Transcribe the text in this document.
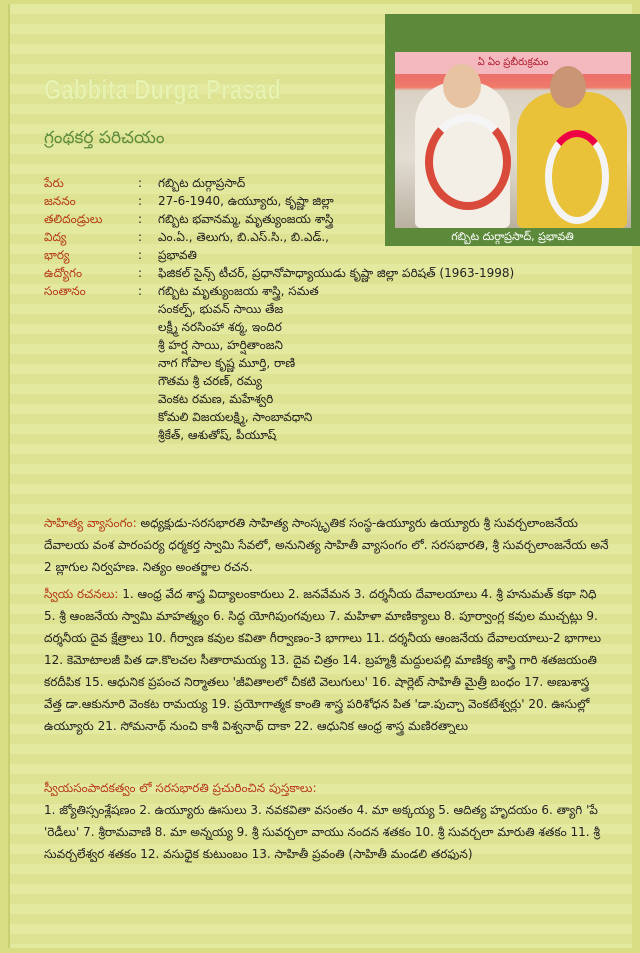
Gabbita Durga Prasad
గ్రంథకర్త పరిచయం
ఏ ఏం ప్రబీరుక్రమం
గబ్బిట దుర్గాప్రసాద్, ప్రభావతి
పేరు	:	గబ్బిట దుర్గాప్రసాద్
జననం	:	27-6-1940, ఉయ్యూరు, కృష్ణా జిల్లా
తలిదండ్రులు	:	గబ్బిట భవానమ్మ, మృత్యుంజయ శాస్త్రి
విద్య	:	ఎం.ఏ., తెలుగు, బి.ఎస్.సి., బి.ఎడ్.,
భార్య	:	ప్రభావతి
ఉద్యోగం	:	ఫిజికల్ సైన్స్ టీచర్, ప్రధానోపాధ్యాయుడు కృష్ణా జిల్లా పరిషత్ (1963-1998)
సంతానం	:	గబ్బిట మృత్యుంజయ శాస్త్రి, సమత
సంకల్ప్, భువన్ సాయి తేజ
లక్ష్మీ నరసింహా శర్మ, ఇందిర
శ్రీ హర్ష సాయి, హర్షితాంజని
నాగ గోపాల కృష్ణ మూర్తి, రాణి
గౌతమ శ్రీ చరణ్, రమ్య
వెంకట రమణ, మహేశ్వరి
కోమలి విజయలక్ష్మి, సాంబావధాని
శ్రీకేత్, ఆశుతోష్, పీయూష్
సాహిత్య వ్యాసంగం: అధ్యక్షుడు-సరసభారతి సాహిత్య సాంస్కృతిక సంస్థ-ఉయ్యూరు ఉయ్యూరు శ్రీ సువర్చలాంజనేయ దేవాలయ వంశ పారంపర్య ధర్మకర్త స్వామి సేవలో, అనునిత్య సాహితీ వ్యాసంగం లో. సరసభారతి, శ్రీ సువర్చలాంజనేయ అనే 2 బ్లాగుల నిర్వహణ. నిత్యం అంతర్జాల రచన.
స్వీయ రచనలు: 1. ఆంధ్ర వేద శాస్త్ర విద్యాలంకారులు 2. జనవేమన 3. దర్శనీయ దేవాలయాలు 4. శ్రీ హనుమత్ కథా నిధి 5. శ్రీ ఆంజనేయ స్వామి మాహత్మ్యం 6. సిద్ధ యోగిపుంగవులు 7. మహిళా మాణిక్యాలు 8. పూర్వాంగ్ల కవుల ముచ్చట్లు 9. దర్శనీయ దైవ క్షేత్రాలు 10. గీర్వాణ కవుల కవితా గీర్వాణం-3 భాగాలు 11. దర్శనీయ ఆంజనేయ దేవాలయాలు-2 భాగాలు 12. కెమోటాలజీ పిత డా.కొలచల సీతారామయ్య 13. దైవ చిత్రం 14. బ్రహ్మశ్రీ మద్దులపల్లి మాణిక్య శాస్త్రి గారి శతజయంతి కరదీపిక 15. ఆధునిక ప్రపంచ నిర్మాతలు 'జీవితాలలో చీకటి వెలుగులు' 16. షార్లెట్ సాహితీ మైత్రీ బంధం 17. అణుశాస్త్ర వేత్త డా.ఆకునూరి వెంకట రామయ్య 19. ప్రయోగాత్మక కాంతి శాస్త్ర పరిశోధన పిత 'డా.పుచ్చా వెంకటేశ్వర్లు' 20. ఊసుల్లో ఉయ్యూరు 21. సోమనాథ్ నుంచి కాశీ విశ్వనాథ్ దాకా 22. ఆధునిక ఆంధ్ర శాస్త్ర మణిరత్నాలు
స్వీయసంపాదకత్వం లో సరసభారతి ప్రచురించిన పుస్తకాలు:
1. జ్యోతిస్సంశ్లేషణం 2. ఉయ్యూరు ఊసులు 3. నవకవితా వసంతం 4. మా అక్కయ్య 5. ఆదిత్య హృదయం 6. త్యాగి 'పే 'రెడీలు' 7. శ్రీరామవాణి 8. మా అన్నయ్య 9. శ్రీ సువర్చలా వాయు నందన శతకం 10. శ్రీ సువర్చలా మారుతి శతకం 11. శ్రీ సువర్చలేశ్వర శతకం 12. వసుధైక కుటుంబం 13. సాహితీ ప్రవంతి (సాహితీ మండలి తరఫున)
